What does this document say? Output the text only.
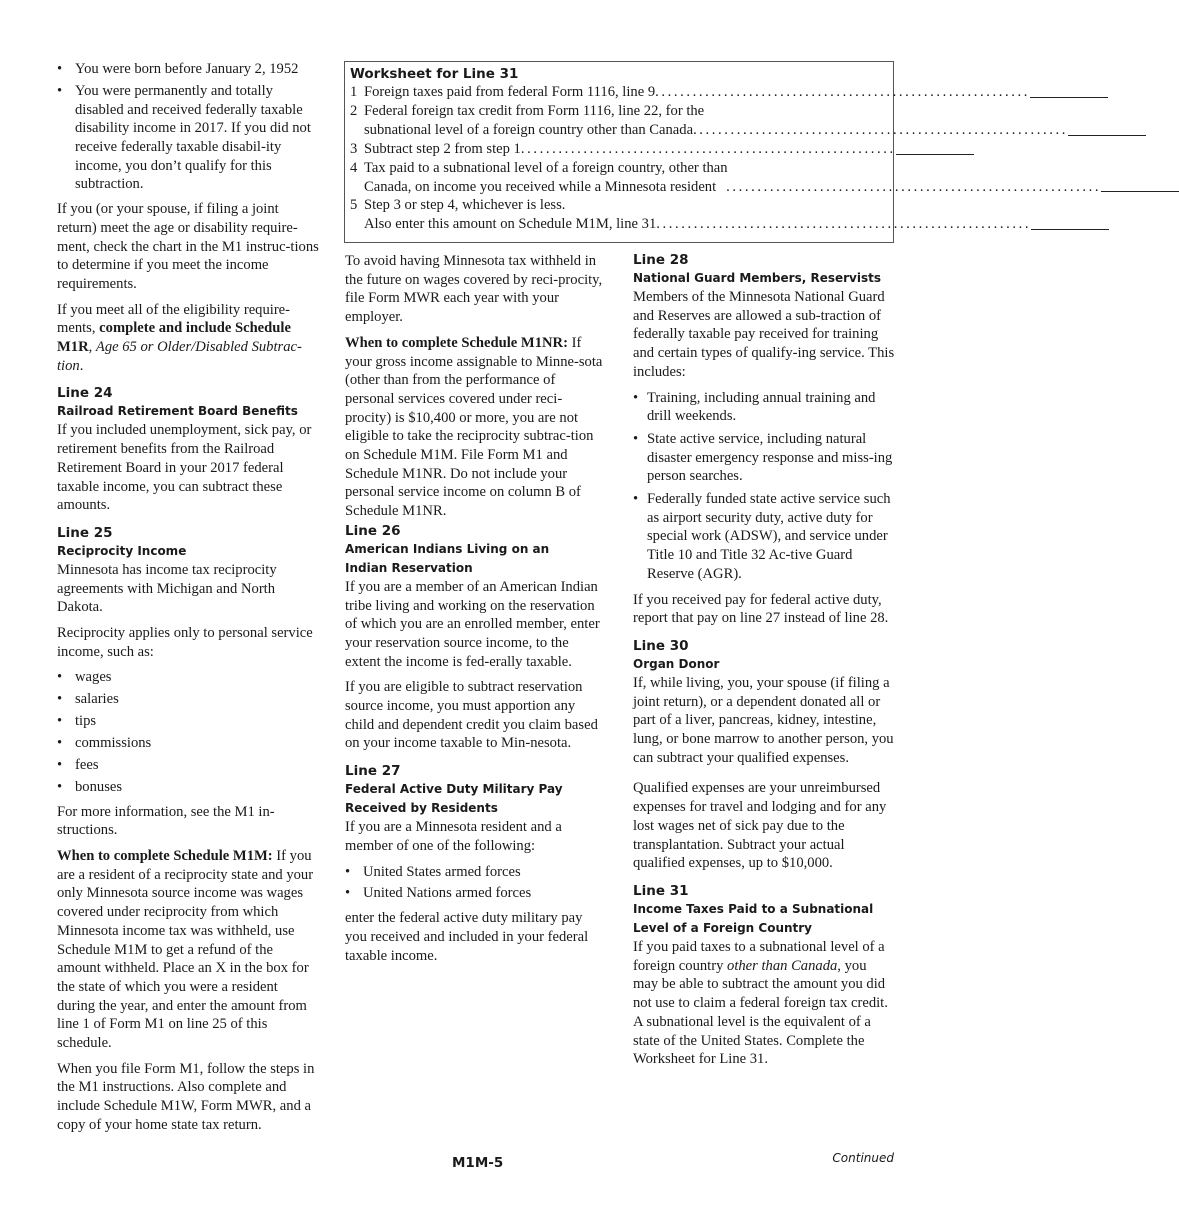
• You were born before January 2, 1952
• You were permanently and totally disabled and received federally taxable disability income in 2017. If you did not receive federally taxable disabil-ity income, you don’t qualify for this subtraction.

If you (or your spouse, if filing a joint return) meet the age or disability require-ment, check the chart in the M1 instruc-tions to determine if you meet the income requirements.

If you meet all of the eligibility require-ments, complete and include Schedule M1R, Age 65 or Older/Disabled Subtrac-tion.

Line 24
Railroad Retirement Board Benefits

If you included unemployment, sick pay, or retirement benefits from the Railroad Retirement Board in your 2017 federal taxable income, you can subtract these amounts.

Line 25
Reciprocity Income

Minnesota has income tax reciprocity agreements with Michigan and North Dakota.

Reciprocity applies only to personal service income, such as:

• wages
• salaries
• tips
• commissions
• fees
• bonuses

For more information, see the M1 in-structions.

When to complete Schedule M1M: If you are a resident of a reciprocity state and your only Minnesota source income was wages covered under reciprocity from which Minnesota income tax was withheld, use Schedule M1M to get a refund of the amount withheld. Place an X in the box for the state of which you were a resident during the year, and enter the amount from line 1 of Form M1 on line 25 of this schedule.

When you file Form M1, follow the steps in the M1 instructions. Also complete and include Schedule M1W, Form MWR, and a copy of your home state tax return.

Worksheet for Line 31
1 Foreign taxes paid from federal Form 1116, line 9 ............................................................
2 Federal foreign tax credit from Form 1116, line 22, for the
subnational level of a foreign country other than Canada ............................................................
3 Subtract step 2 from step 1 ............................................................
4 Tax paid to a subnational level of a foreign country, other than
Canada, on income you received while a Minnesota resident ............................................................
5 Step 3 or step 4, whichever is less.
Also enter this amount on Schedule M1M, line 31 ............................................................

To avoid having Minnesota tax withheld in the future on wages covered by reci-procity, file Form MWR each year with your employer.

When to complete Schedule M1NR: If your gross income assignable to Minne-sota (other than from the performance of personal services covered under reci-procity) is $10,400 or more, you are not eligible to take the reciprocity subtrac-tion on Schedule M1M. File Form M1 and Schedule M1NR. Do not include your personal service income on column B of Schedule M1NR.

Line 26
American Indians Living on an
Indian Reservation

If you are a member of an American Indian tribe living and working on the reservation of which you are an enrolled member, enter your reservation source income, to the extent the income is fed-erally taxable.

If you are eligible to subtract reservation source income, you must apportion any child and dependent credit you claim based on your income taxable to Min-nesota.

Line 27
Federal Active Duty Military Pay
Received by Residents

If you are a Minnesota resident and a member of one of the following:

• United States armed forces
• United Nations armed forces

enter the federal active duty military pay you received and included in your federal taxable income.

Line 28
National Guard Members, Reservists

Members of the Minnesota National Guard and Reserves are allowed a sub-traction of federally taxable pay received for training and certain types of qualify-ing service. This includes:

• Training, including annual training and drill weekends.
• State active service, including natural disaster emergency response and miss-ing person searches.
• Federally funded state active service such as airport security duty, active duty for special work (ADSW), and service under Title 10 and Title 32 Ac-tive Guard Reserve (AGR).

If you received pay for federal active duty, report that pay on line 27 instead of line 28.

Line 30
Organ Donor

If, while living, you, your spouse (if filing a joint return), or a dependent donated all or part of a liver, pancreas, kidney, intestine, lung, or bone marrow to another person, you can subtract your qualified expenses.

Qualified expenses are your unreimbursed expenses for travel and lodging and for any lost wages net of sick pay due to the transplantation. Subtract your actual qualified expenses, up to $10,000.

Line 31
Income Taxes Paid to a Subnational
Level of a Foreign Country

If you paid taxes to a subnational level of a foreign country other than Canada, you may be able to subtract the amount you did not use to claim a federal foreign tax credit. A subnational level is the equivalent of a state of the United States. Complete the Worksheet for Line 31.

M1M-5	Continued
